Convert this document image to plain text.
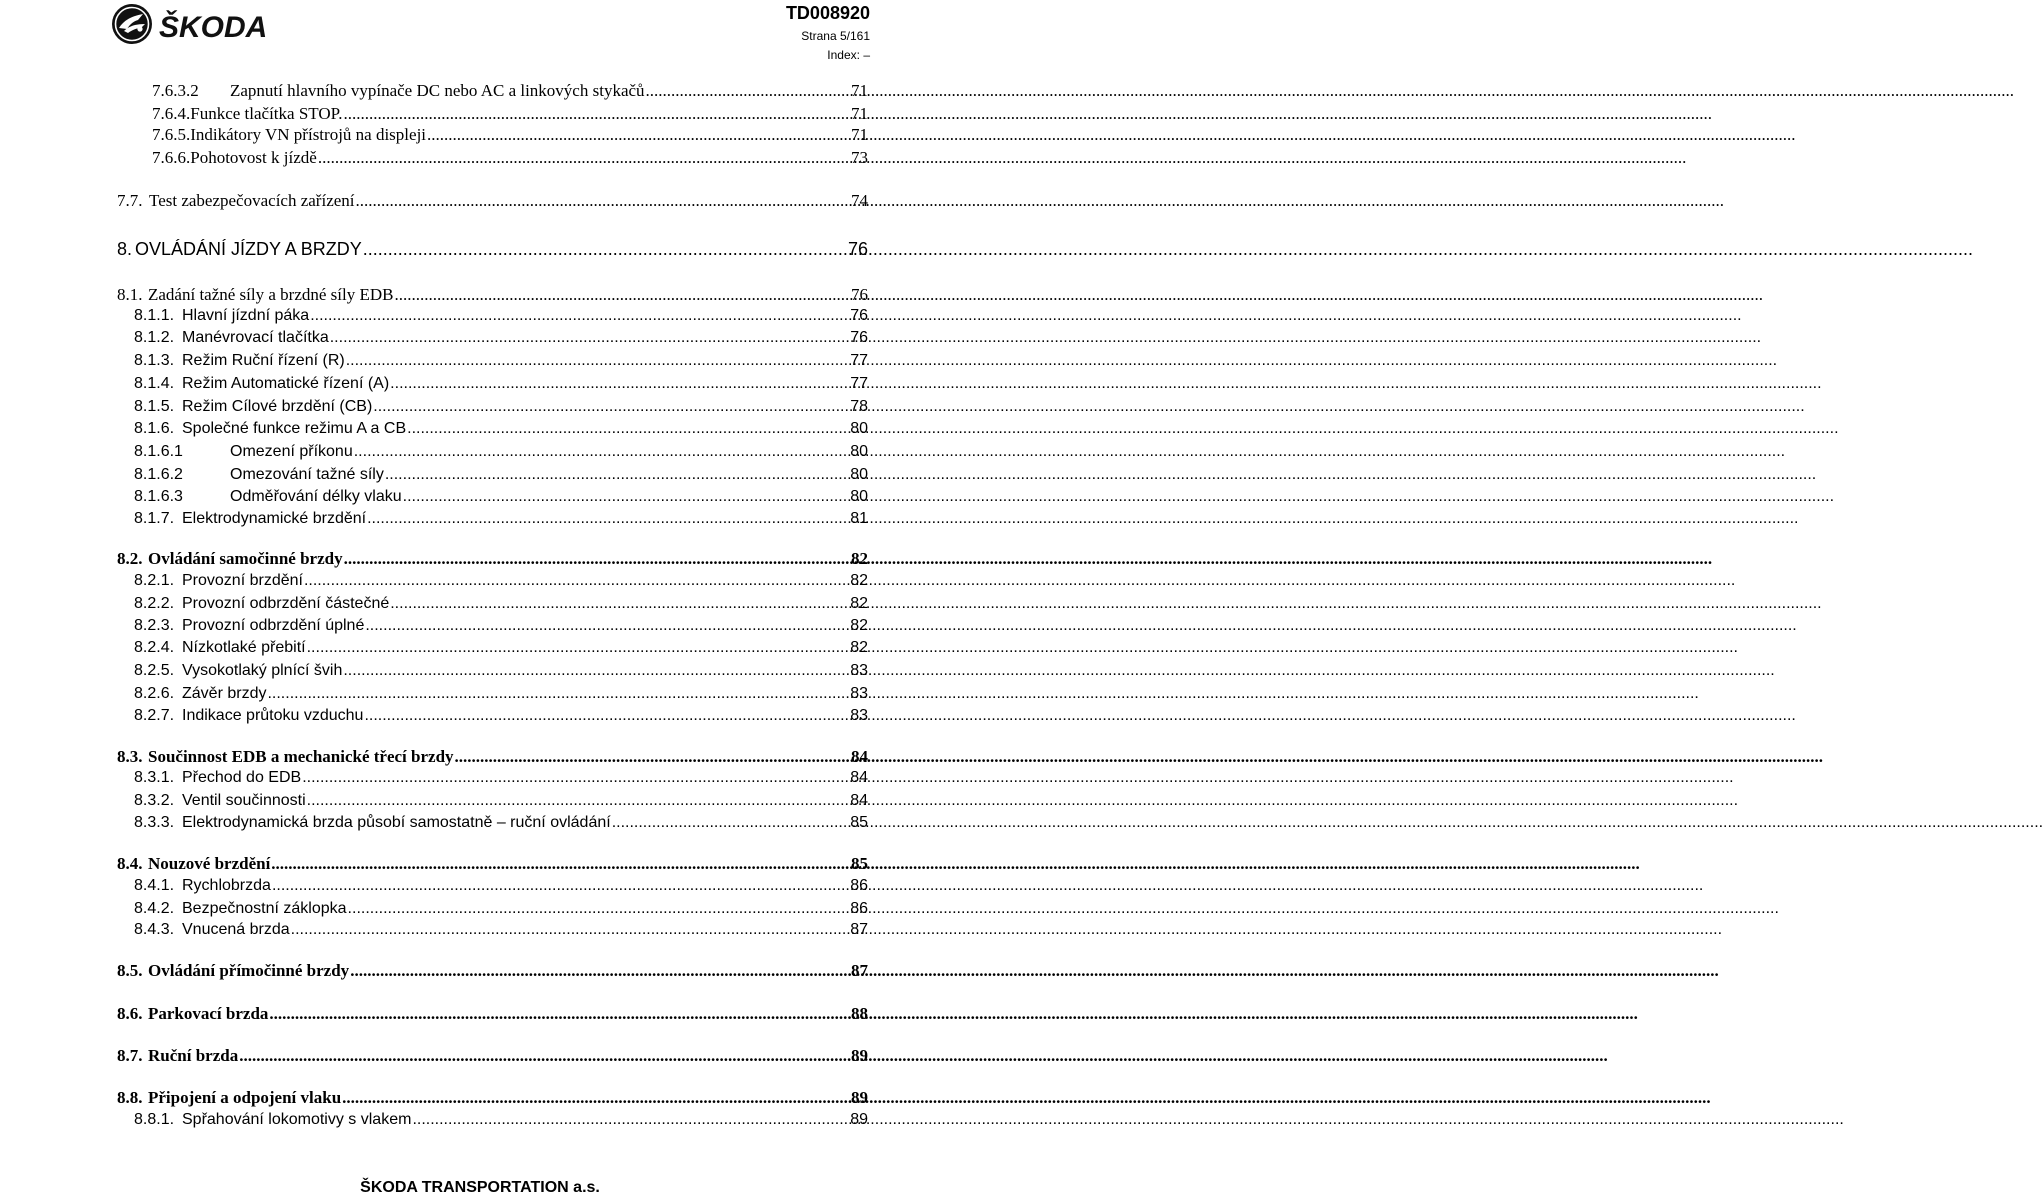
ŠKODA	TD008920
Strana 5/161
Index: –
7.6.3.2 Zapnutí hlavního vypínače DC nebo AC a linkových stykačů .....	71
7.6.4.Funkce tlačítka STOP. .....	71
7.6.5.Indikátory VN přístrojů na displeji .....	71
7.6.6.Pohotovost k jízdě .....	73
7.7. Test zabezpečovacích zařízení .....	74
8. OVLÁDÁNÍ JÍZDY A BRZDY .....	76
8.1. Zadání tažné síly a brzdné síly EDB .....	76
8.1.1. Hlavní jízdní páka .....	76
8.1.2. Manévrovací tlačítka .....	76
8.1.3. Režim Ruční řízení (R) .....	77
8.1.4. Režim Automatické řízení (A) .....	77
8.1.5. Režim Cílové brzdění (CB) .....	78
8.1.6. Společné funkce režimu A a CB .....	80
8.1.6.1	Omezení příkonu .....	80
8.1.6.2	Omezování tažné síly .....	80
8.1.6.3	Odměřování délky vlaku .....	80
8.1.7. Elektrodynamické brzdění .....	81
8.2. Ovládání samočinné brzdy .....	82
8.2.1. Provozní brzdění .....	82
8.2.2. Provozní odbrzdění částečné .....	82
8.2.3. Provozní odbrzdění úplné .....	82
8.2.4. Nízkotlaké přebití .....	82
8.2.5. Vysokotlaký plnící švih .....	83
8.2.6. Závěr brzdy .....	83
8.2.7. Indikace průtoku vzduchu .....	83
8.3. Součinnost EDB a mechanické třecí brzdy .....	84
8.3.1. Přechod do EDB .....	84
8.3.2. Ventil součinnosti .....	84
8.3.3. Elektrodynamická brzda působí samostatně – ruční ovládání .....	85
8.4. Nouzové brzdění .....	85
8.4.1. Rychlobrzda .....	86
8.4.2. Bezpečnostní záklopka .....	86
8.4.3. Vnucená brzda .....	87
8.5. Ovládání přímočinné brzdy .....	87
8.6. Parkovací brzda .....	88
8.7. Ruční brzda .....	89
8.8. Připojení a odpojení vlaku .....	89
8.8.1. Spřahování lokomotivy s vlakem .....	89
ŠKODA TRANSPORTATION a.s.
